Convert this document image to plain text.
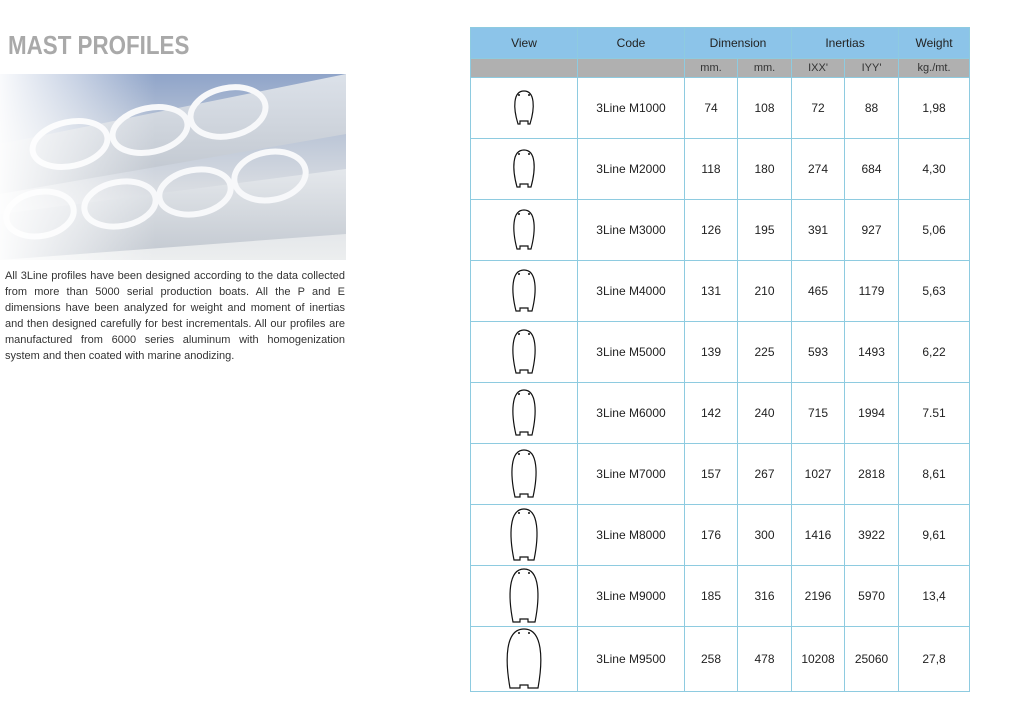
MAST PROFILES
All 3Line profiles have been designed according to the data collected from more than 5000 serial production boats. All the P and E dimensions have been analyzed for weight and moment of inertias and then designed carefully for best incrementals. All our profiles are manufactured from 6000 series aluminum with homogenization system and then coated with marine anodizing.
View	Code	Dimension		Inertias		Weight
		mm.	mm.	IXX'	IYY'	kg./mt.

	3Line M1000	74	108	72	88	1,98

	3Line M2000	118	180	274	684	4,30

	3Line M3000	126	195	391	927	5,06

	3Line M4000	131	210	465	1179	5,63

	3Line M5000	139	225	593	1493	6,22

	3Line M6000	142	240	715	1994	7.51

	3Line M7000	157	267	1027	2818	8,61

	3Line M8000	176	300	1416	3922	9,61

	3Line M9000	185	316	2196	5970	13,4

	3Line M9500	258	478	10208	25060	27,8
